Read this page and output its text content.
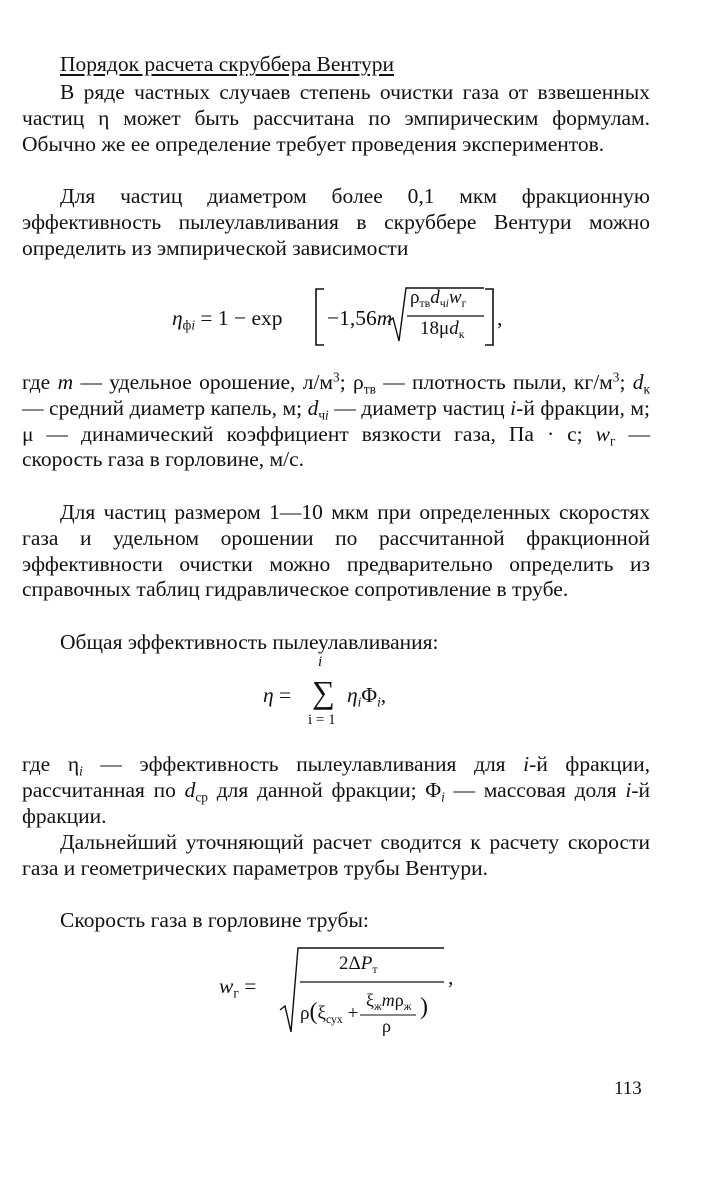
Порядок расчета скруббера Вентури

В ряде частных случаев степень очистки газа от взвешенных частиц η может быть рассчитана по эмпирическим формулам. Обычно же ее определение требует проведения экспериментов.

Для частиц диаметром более 0,1 мкм фракционную эффективность пылеулавливания в скруббере Вентури можно определить из эмпирической зависимости

$\eta_{фi} = 1 - \exp -1,56m$
$\rho_{тв}d_{чi}w_г$
$18\mu d_к$
,

где m — удельное орошение, $л/м^3$; $\rho_{тв}$ — плотность пыли, $кг/м^3$; $d_к$ — средний диаметр капель, м; $d_{чi}$ — диаметр частиц i-й фракции, м; μ — динамический коэффициент вязкости газа, Па · с; $w_г$ — скорость газа в горловине, м/с.

Для частиц размером 1—10 мкм при определенных скоростях газа и удельном орошении по рассчитанной фракционной эффективности очистки можно предварительно определить из справочных таблиц гидравлическое сопротивление в трубе.

Общая эффективность пылеулавливания:

η =
i
∑
i = 1
$\eta_i\Phi_i$,

где $\eta_i$ — эффективность пылеулавливания для i-й фракции, рассчитанная по $d_{ср}$ для данной фракции; $\Phi_i$ — массовая доля i-й фракции.

Дальнейший уточняющий расчет сводится к расчету скорости газа и геометрических параметров трубы Вентури.

Скорость газа в горловине трубы:

$w_г$ =
$2\Delta P_т$
$\rho(\xi_{сух}$ +
$\xi_жm\rho_ж$
ρ
)
,
113
